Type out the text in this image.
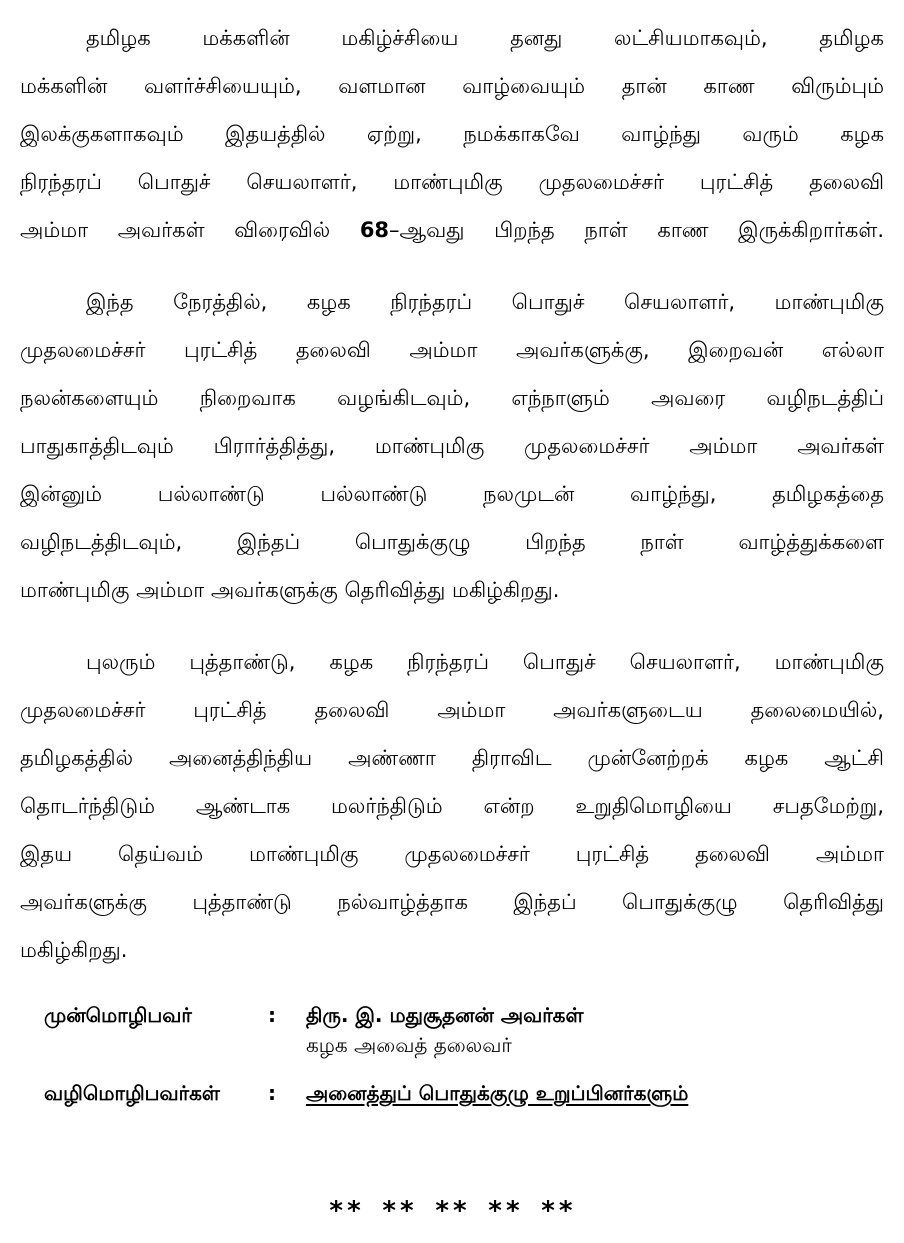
தமிழக மக்களின் மகிழ்ச்சியை தனது லட்சியமாகவும், தமிழக
மக்களின் வளர்ச்சியையும், வளமான வாழ்வையும் தான் காண விரும்பும்
இலக்குகளாகவும் இதயத்தில் ஏற்று, நமக்காகவே வாழ்ந்து வரும் கழக
நிரந்தரப் பொதுச் செயலாளர், மாண்புமிகு முதலமைச்சர் புரட்சித் தலைவி
அம்மா அவர்கள் விரைவில் 68–ஆவது பிறந்த நாள் காண இருக்கிறார்கள்.
இந்த நேரத்தில், கழக நிரந்தரப் பொதுச் செயலாளர், மாண்புமிகு
முதலமைச்சர் புரட்சித் தலைவி அம்மா அவர்களுக்கு, இறைவன் எல்லா
நலன்களையும் நிறைவாக வழங்கிடவும், எந்நாளும் அவரை வழிநடத்திப்
பாதுகாத்திடவும் பிரார்த்தித்து, மாண்புமிகு முதலமைச்சர் அம்மா அவர்கள்
இன்னும் பல்லாண்டு பல்லாண்டு நலமுடன் வாழ்ந்து, தமிழகத்தை
வழிநடத்திடவும், இந்தப் பொதுக்குழு பிறந்த நாள் வாழ்த்துக்களை
மாண்புமிகு அம்மா அவர்களுக்கு தெரிவித்து மகிழ்கிறது.
புலரும் புத்தாண்டு, கழக நிரந்தரப் பொதுச் செயலாளர், மாண்புமிகு
முதலமைச்சர் புரட்சித் தலைவி அம்மா அவர்களுடைய தலைமையில்,
தமிழகத்தில் அனைத்திந்திய அண்ணா திராவிட முன்னேற்றக் கழக ஆட்சி
தொடர்ந்திடும் ஆண்டாக மலர்ந்திடும் என்ற உறுதிமொழியை சபதமேற்று,
இதய தெய்வம் மாண்புமிகு முதலமைச்சர் புரட்சித் தலைவி அம்மா
அவர்களுக்கு புத்தாண்டு நல்வாழ்த்தாக இந்தப் பொதுக்குழு தெரிவித்து
மகிழ்கிறது.
முன்மொழிபவர்	: திரு. இ. மதுசூதனன் அவர்கள்
கழக அவைத் தலைவர்
வழிமொழிபவர்கள் : அனைத்துப் பொதுக்குழு உறுப்பினர்களும்
** ** ** ** **
